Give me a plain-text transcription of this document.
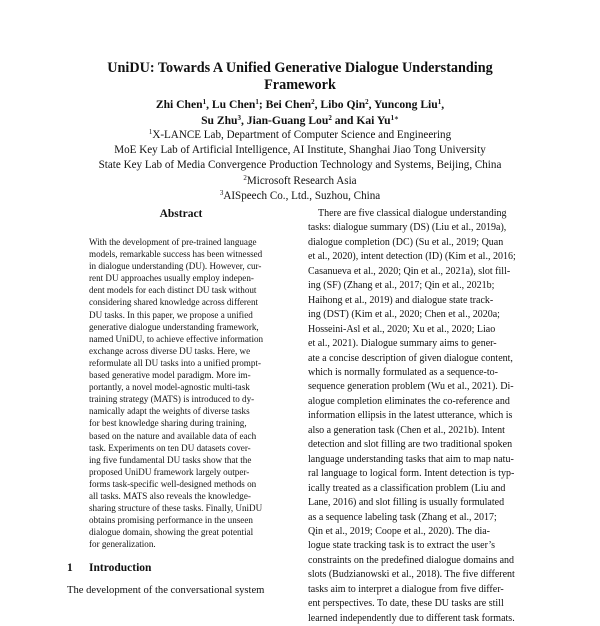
UniDU: Towards A Unified Generative Dialogue Understanding
Framework
Zhi Chen$^1$, Lu Chen$^1$; Bei Chen$^2$, Libo Qin$^2$, Yuncong Liu$^1$,
Su Zhu$^3$, Jian-Guang Lou$^2$ and Kai $Yu^{1∗}$
$^1$X-LANCE Lab, Department of Computer Science and Engineering
MoE Key Lab of Artificial Intelligence, AI Institute, Shanghai Jiao Tong University
State Key Lab of Media Convergence Production Technology and Systems, Beijing, China
$^2$Microsoft Research Asia
$^3$AISpeech Co., Ltd., Suzhou, China
Abstract
With the development of pre-trained language
models, remarkable success has been witnessed
in dialogue understanding (DU). However, cur-
rent DU approaches usually employ indepen-
dent models for each distinct DU task without
considering shared knowledge across different
DU tasks. In this paper, we propose a unified
generative dialogue understanding framework,
named UniDU, to achieve effective information
exchange across diverse DU tasks. Here, we
reformulate all DU tasks into a unified prompt-
based generative model paradigm. More im-
portantly, a novel model-agnostic multi-task
training strategy (MATS) is introduced to dy-
namically adapt the weights of diverse tasks
for best knowledge sharing during training,
based on the nature and available data of each
task. Experiments on ten DU datasets cover-
ing five fundamental DU tasks show that the
proposed UniDU framework largely outper-
forms task-specific well-designed methods on
all tasks. MATS also reveals the knowledge-
sharing structure of these tasks. Finally, UniDU
obtains promising performance in the unseen
dialogue domain, showing the great potential
for generalization.
1 Introduction
The development of the conversational system
There are five classical dialogue understanding
tasks: dialogue summary (DS) (Liu et al., 2019a),
dialogue completion (DC) (Su et al., 2019; Quan
et al., 2020), intent detection (ID) (Kim et al., 2016;
Casanueva et al., 2020; Qin et al., 2021a), slot fill-
ing (SF) (Zhang et al., 2017; Qin et al., 2021b;
Haihong et al., 2019) and dialogue state track-
ing (DST) (Kim et al., 2020; Chen et al., 2020a;
Hosseini-Asl et al., 2020; Xu et al., 2020; Liao
et al., 2021). Dialogue summary aims to gener-
ate a concise description of given dialogue content,
which is normally formulated as a sequence-to-
sequence generation problem (Wu et al., 2021). Di-
alogue completion eliminates the co-reference and
information ellipsis in the latest utterance, which is
also a generation task (Chen et al., 2021b). Intent
detection and slot filling are two traditional spoken
language understanding tasks that aim to map natu-
ral language to logical form. Intent detection is typ-
ically treated as a classification problem (Liu and
Lane, 2016) and slot filling is usually formulated
as a sequence labeling task (Zhang et al., 2017;
Qin et al., 2019; Coope et al., 2020). The dia-
logue state tracking task is to extract the user’s
constraints on the predefined dialogue domains and
slots (Budzianowski et al., 2018). The five different
tasks aim to interpret a dialogue from five differ-
ent perspectives. To date, these DU tasks are still
learned independently due to different task formats.
